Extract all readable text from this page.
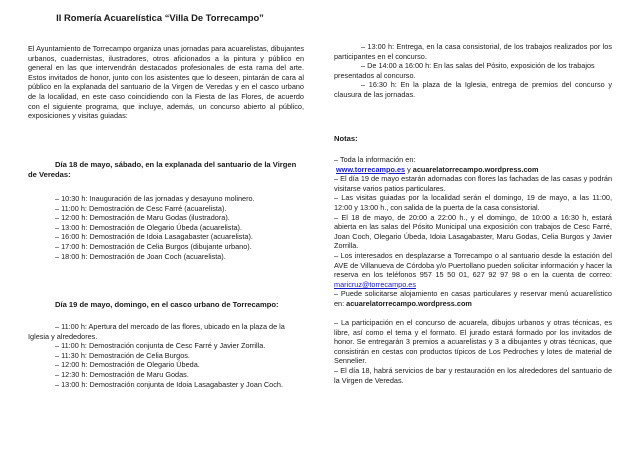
II Romería Acuarelística “Villa De Torrecampo”

El Ayuntamiento de Torrecampo organiza unas jornadas para acuarelistas, dibujantes urbanos, cuadernistas, ilustradores, otros aficionados a la pintura y público en general en las que intervendrán destacados profesionales de esta rama del arte. Estos invitados de honor, junto con los asistentes que lo deseen, pintarán de cara al público en la explanada del santuario de la Virgen de Veredas y en el casco urbano de la localidad, en este caso coincidiendo con la Fiesta de las Flores, de acuerdo con el siguiente programa, que incluye, además, un concurso abierto al público, exposiciones y visitas guiadas:

Día 18 de mayo, sábado, en la explanada del santuario de la Virgen de Veredas:
– 10:30 h: Inauguración de las jornadas y desayuno molinero.
– 11:00 h: Demostración de Cesc Farré (acuarelista).
– 12:00 h: Demostración de Maru Godas (ilustradora).
– 13:00 h: Demostración de Olegario Úbeda (acuarelista).
– 16:00 h: Demostración de Idoia Lasagabaster (acuarelista).
– 17:00 h: Demostración de Celia Burgos (dibujante urbano).
– 18:00 h: Demostración de Joan Coch (acuarelista).
Día 19 de mayo, domingo, en el casco urbano de Torrecampo:

– 11:00 h: Apertura del mercado de las flores, ubicado en la plaza de la Iglesia y alrededores.

– 11:00 h: Demostración conjunta de Cesc Farré y Javier Zorrilla.

– 11:30 h: Demostración de Celia Burgos.

– 12:00 h: Demostración de Olegario Úbeda.

– 12:30 h: Demostración de Maru Godas.

– 13:00 h: Demostración conjunta de Idoia Lasagabaster y Joan Coch.

– 13:00 h: Entrega, en la casa consistorial, de los trabajos realizados por los participantes en el concurso.

– De 14:00 a 16:00 h: En las salas del Pósito, exposición de los trabajos presentados al concurso.

– 16:30 h: En la plaza de la Iglesia, entrega de premios del concurso y clausura de las jornadas.

Notas:

– Toda la información en:

www.torrecampo.es y acuarelatorrecampo.wordpress.com

– El día 19 de mayo estarán adornadas con flores las fachadas de las casas y podrán visitarse varios patios particulares.

– Las visitas guiadas por la localidad serán el domingo, 19 de mayo, a las 11:00, 12:00 y 13:00 h., con salida de la puerta de la casa consistorial.

– El 18 de mayo, de 20:00 a 22:00 h., y el domingo, de 10:00 a 16:30 h, estará abierta en las salas del Pósito Municipal una exposición con trabajos de Cesc Farré, Joan Coch, Olegario Úbeda, Idoia Lasagabaster, Maru Godas, Celia Burgos y Javier Zorrilla.

– Los interesados en desplazarse a Torrecampo o al santuario desde la estación del AVE de Villanueva de Córdoba y/o Puertollano pueden solicitar información y hacer la reserva en los teléfonos 957 15 50 01, 627 92 97 98 o en la cuenta de correo: maricruz@torrecampo.es

– Puede solicitarse alojamiento en casas particulares y reservar menú acuarelístico en: acuarelatorrecampo.wordpress.com

– La participación en el concurso de acuarela, dibujos urbanos y otras técnicas, es libre, así como el tema y el formato. El jurado estará formado por los invitados de honor. Se entregarán 3 premios a acuarelistas y 3 a dibujantes y otras técnicas, que consistirán en cestas con productos típicos de Los Pedroches y lotes de material de Sennelier.

– El día 18, habrá servicios de bar y restauración en los alrededores del santuario de la Virgen de Veredas.
